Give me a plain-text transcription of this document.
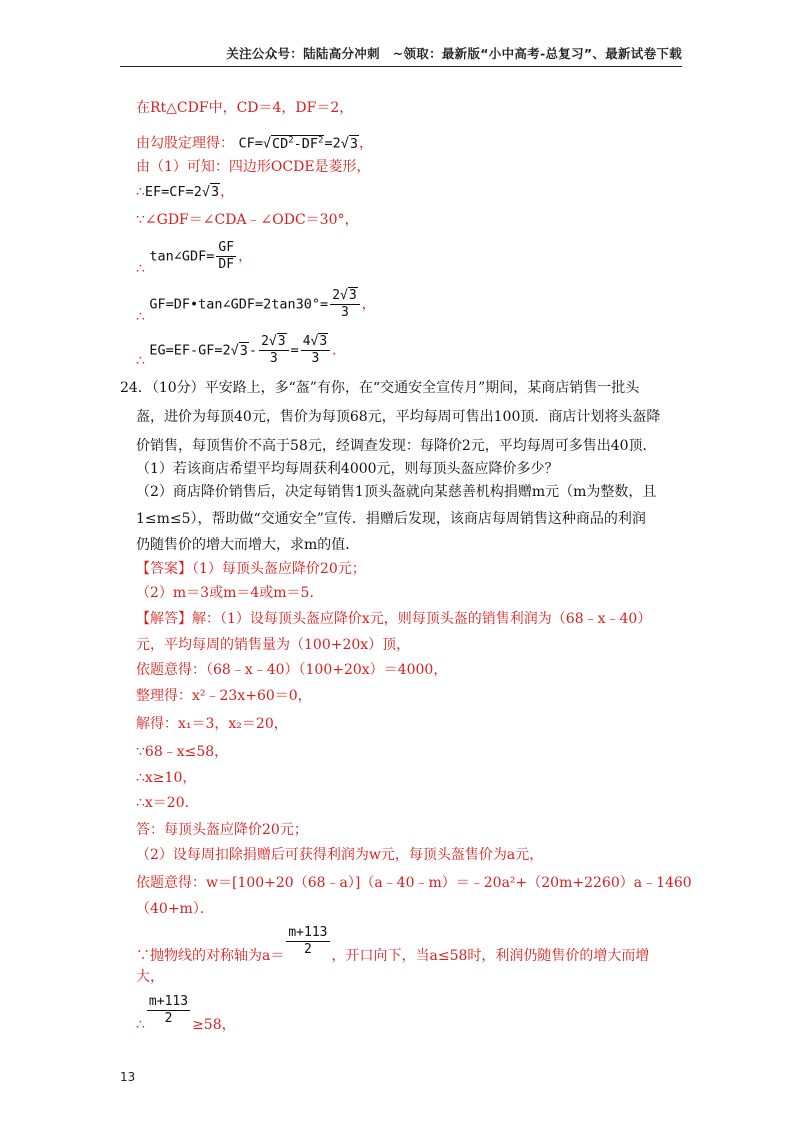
关注公众号：陆陆高分冲刺　~领取：最新版“小中高考-总复习”、最新试卷下载
在Rt△CDF中，CD＝4，DF＝2，
由勾股定理得： $CF=√CD^2-DF^2=2√3$，
由（1）可知：四边形OCDE是菱形，
∴EF=CF=2√3，
∵∠GDF＝∠CDA﹣∠ODC＝30°，
∴ tan∠GDF= $\frac{GF}{DF}$ ，
∴ GF=DF•tan∠GDF=2tan30°= $\frac{2√3}{3}$ ，
∴ $EG=EF-GF=2√3- \frac{2√3}{3} = \frac{4√3}{3}$ ．
24．（10分）平安路上，多“盔”有你，在“交通安全宣传月”期间，某商店销售一批头
盔，进价为每顶40元，售价为每顶68元，平均每周可售出100顶．商店计划将头盔降
价销售，每顶售价不高于58元，经调查发现：每降价2元，平均每周可多售出40顶．
（1）若该商店希望平均每周获利4000元，则每顶头盔应降价多少？
（2）商店降价销售后，决定每销售1顶头盔就向某慈善机构捐赠m元（m为整数，且
1≤m≤5），帮助做“交通安全”宣传．捐赠后发现，该商店每周销售这种商品的利润
仍随售价的增大而增大，求m的值．
【答案】（1）每顶头盔应降价20元；
（2）m＝3或m＝4或m＝5．
【解答】解：（1）设每顶头盔应降价x元，则每顶头盔的销售利润为（68﹣x﹣40）
元，平均每周的销售量为（100+20x）顶，
依题意得：（68﹣x﹣40）（100+20x）＝4000，
整理得：x²﹣23x+60＝0，
解得：x₁＝3，x₂＝20，
∵68﹣x≤58，
∴x≥10，
∴x＝20．
答：每顶头盔应降价20元；
（2）设每周扣除捐赠后可获得利润为w元，每顶头盔售价为a元，
依题意得：w＝[100+20（68﹣a）]（a﹣40﹣m）＝﹣20a²+（20m+2260）a﹣1460
（40+m）．
∵抛物线的对称轴为$a= \frac{m+113}{2}$ ，开口向下，当a≤58时，利润仍随售价的增大而增
大，
∴ $\frac{m+113}{2} \ge 58$，
13
